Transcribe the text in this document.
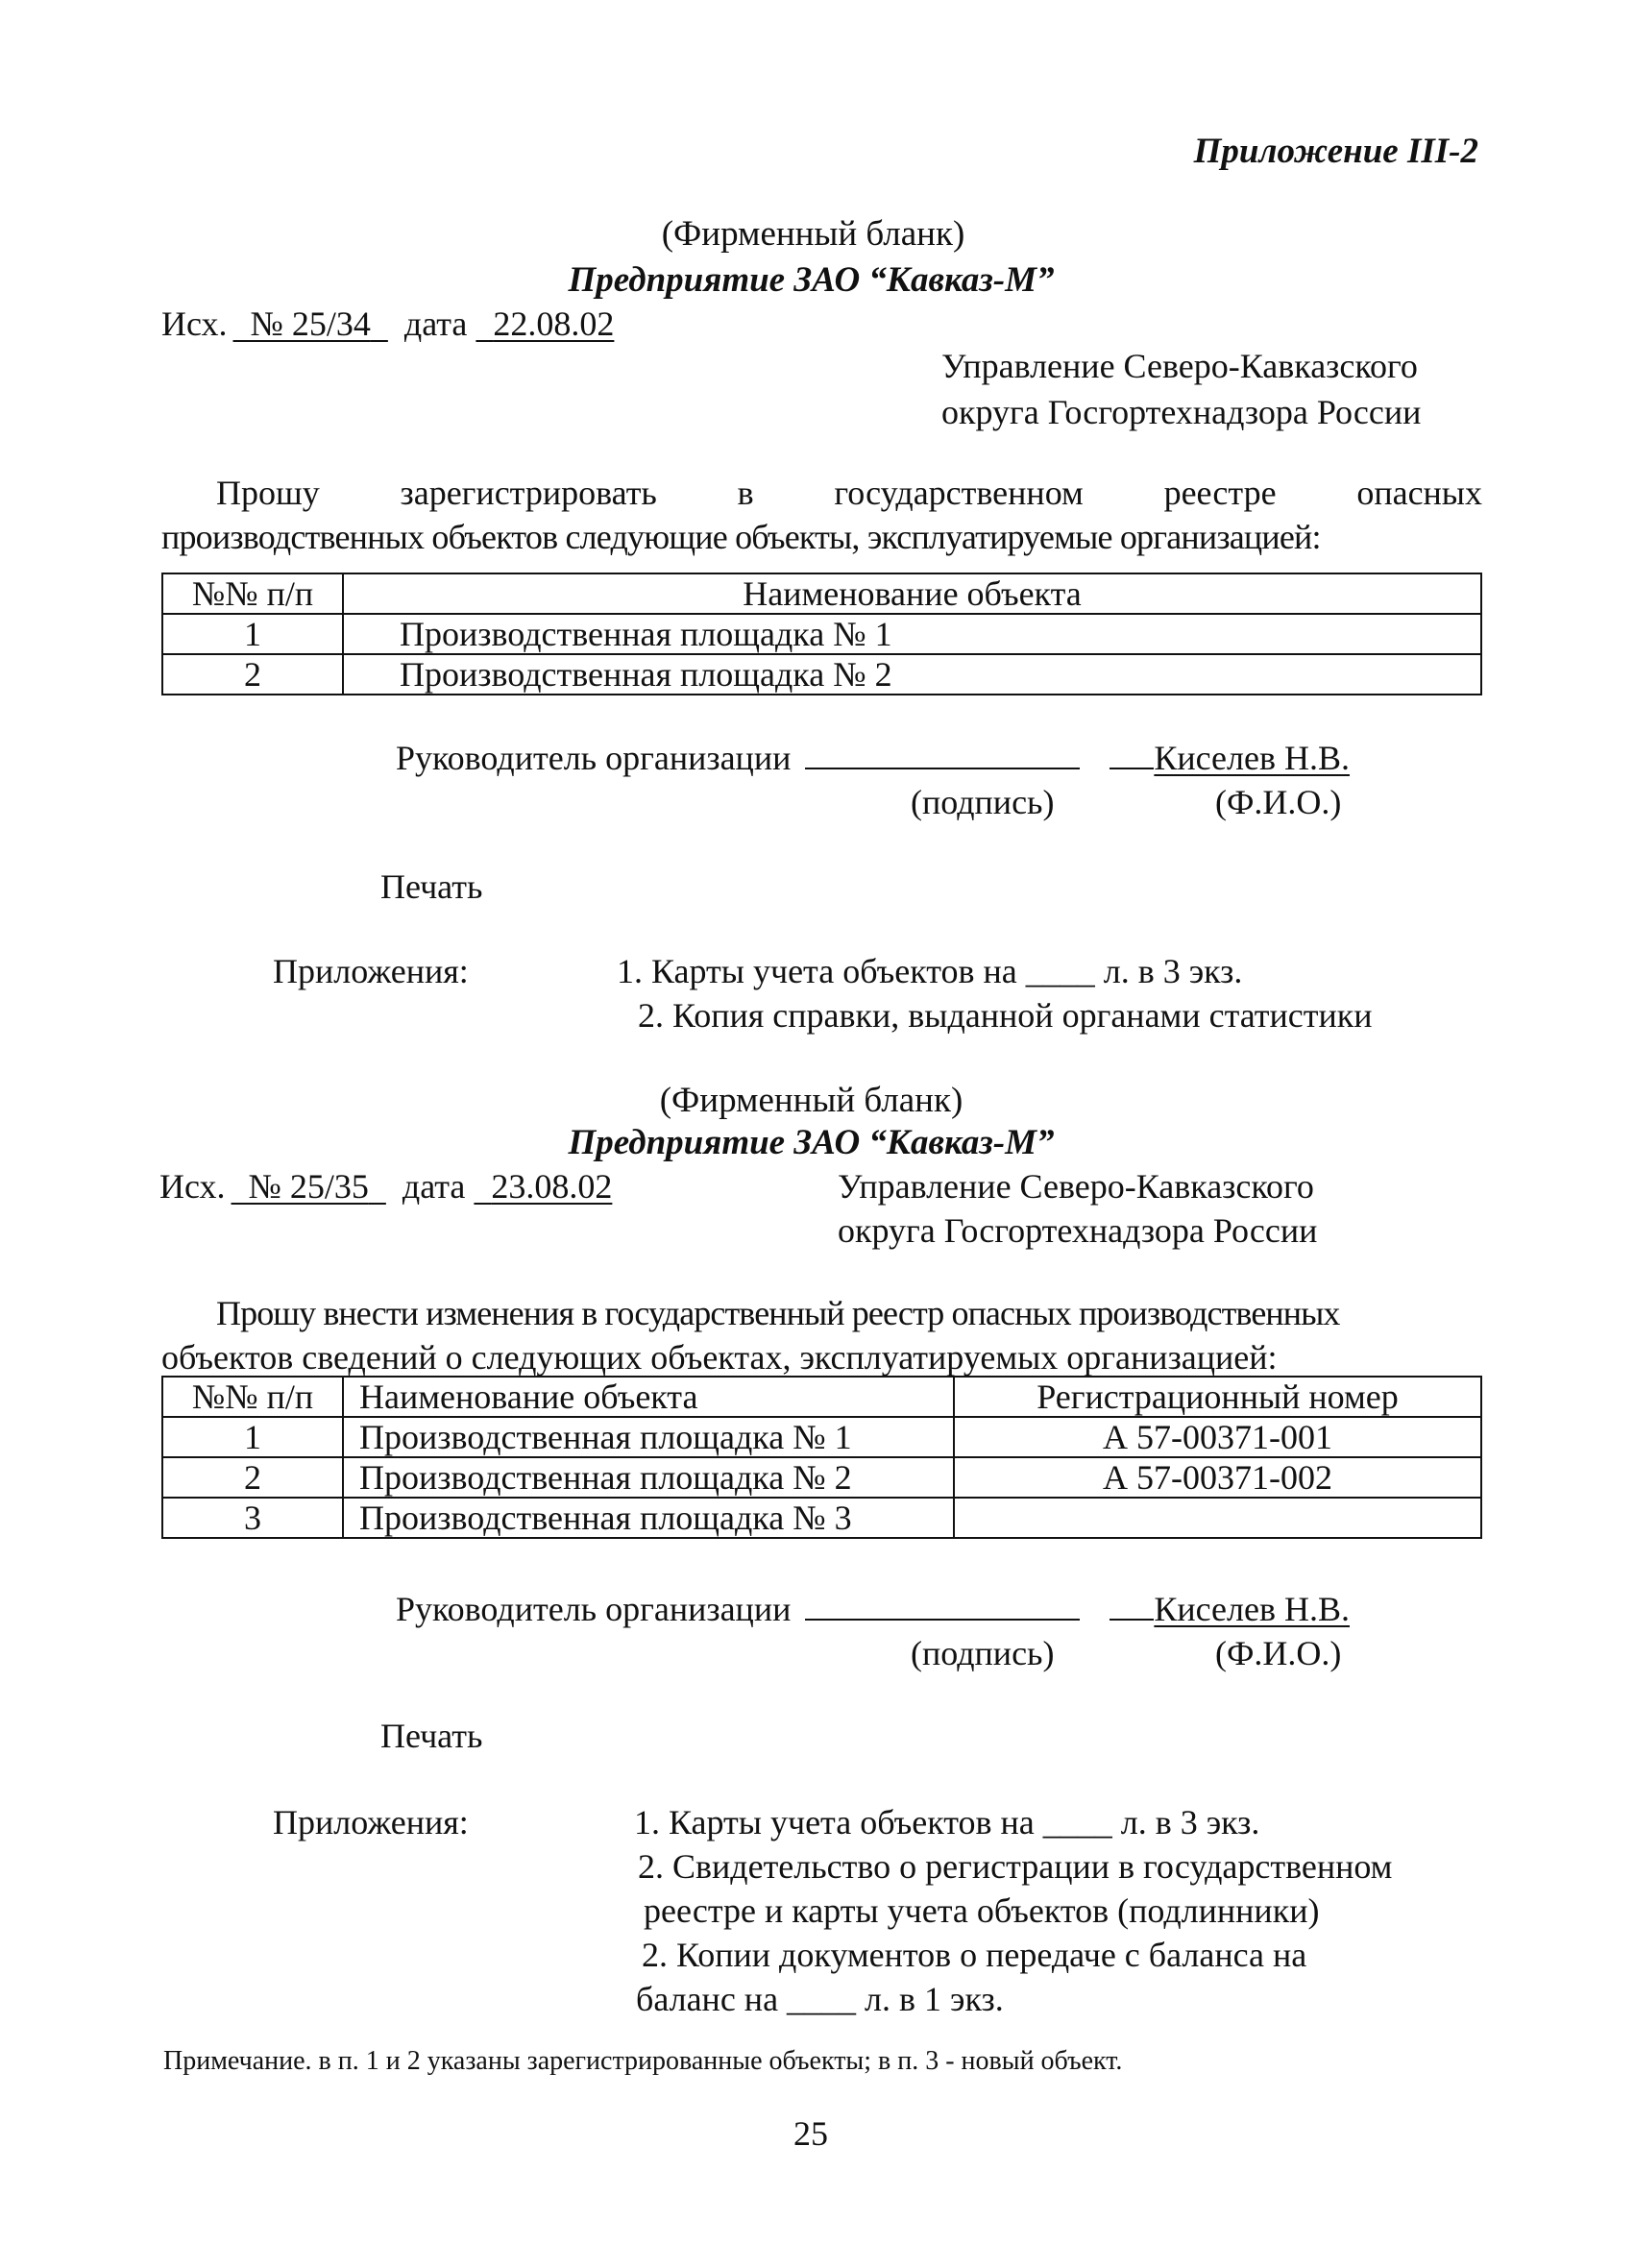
Приложение III-2
(Фирменный бланк)
Предприятие ЗАО “Кавказ-М”
Исх. № 25/34 дата 22.08.02
Управление Северо-Кавказского
округа Госгортехнадзора России
Прошу зарегистрировать в государственном реестре опасных
производственных объектов следующие объекты, эксплуатируемые организацией:
№№ п/п	Наименование объекта
1	Производственная площадка № 1
2	Производственная площадка № 2
Руководитель организации	Киселев Н.В.
(подпись)	(Ф.И.О.)
Печать
Приложения:	1. Карты учета объектов на ____ л. в 3 экз.
2. Копия справки, выданной органами статистики
(Фирменный бланк)
Предприятие ЗАО “Кавказ-М”
Исх. № 25/35 дата 23.08.02	Управление Северо-Кавказского
округа Госгортехнадзора России
Прошу внести изменения в государственный реестр опасных производственных
объектов сведений о следующих объектах, эксплуатируемых организацией:
№№ п/п	Наименование объекта	Регистрационный номер
1	Производственная площадка № 1	А 57-00371-001
2	Производственная площадка № 2	А 57-00371-002
3	Производственная площадка № 3	
Руководитель организации	Киселев Н.В.
(подпись)	(Ф.И.О.)
Печать
Приложения:	1. Карты учета объектов на ____ л. в 3 экз.
2. Свидетельство о регистрации в государственном
реестре и карты учета объектов (подлинники)
2. Копии документов о передаче с баланса на
баланс на ____ л. в 1 экз.
Примечание. в п. 1 и 2 указаны зарегистрированные объекты; в п. 3 - новый объект.
25
